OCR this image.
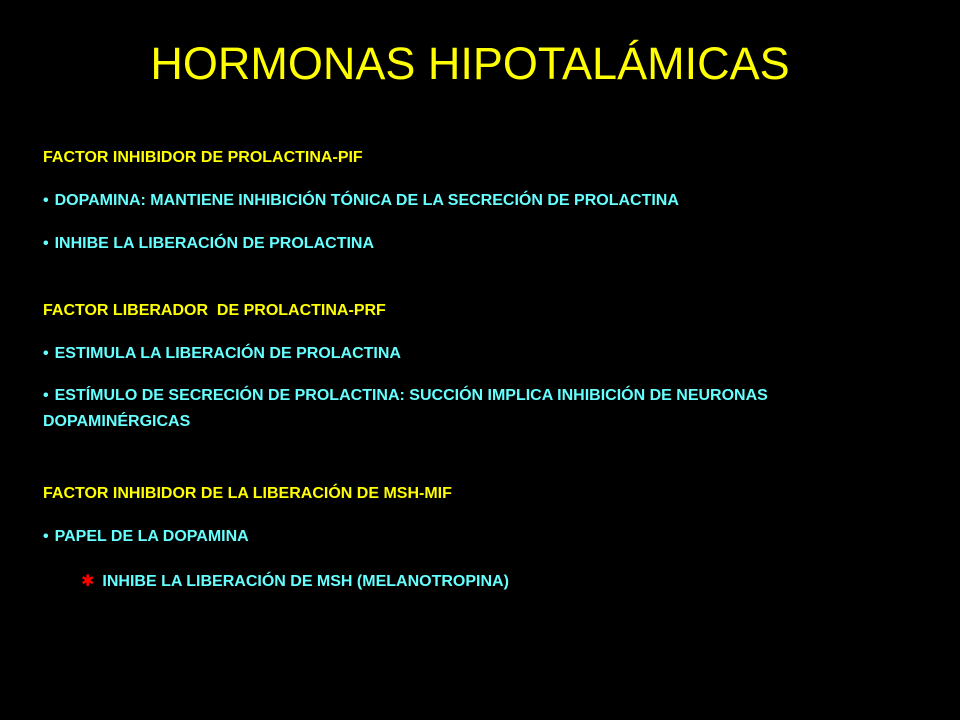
HORMONAS HIPOTALÁMICAS
FACTOR INHIBIDOR DE PROLACTINA-PIF
• DOPAMINA: MANTIENE INHIBICIÓN TÓNICA DE LA SECRECIÓN DE PROLACTINA
• INHIBE LA LIBERACIÓN DE PROLACTINA
FACTOR LIBERADOR  DE PROLACTINA-PRF
• ESTIMULA LA LIBERACIÓN DE PROLACTINA
• ESTÍMULO DE SECRECIÓN DE PROLACTINA: SUCCIÓN IMPLICA INHIBICIÓN DE NEURONAS DOPAMINÉRGICAS
FACTOR INHIBIDOR DE LA LIBERACIÓN DE MSH-MIF
• PAPEL DE LA DOPAMINA
✱ INHIBE LA LIBERACIÓN DE MSH (MELANOTROPINA)
